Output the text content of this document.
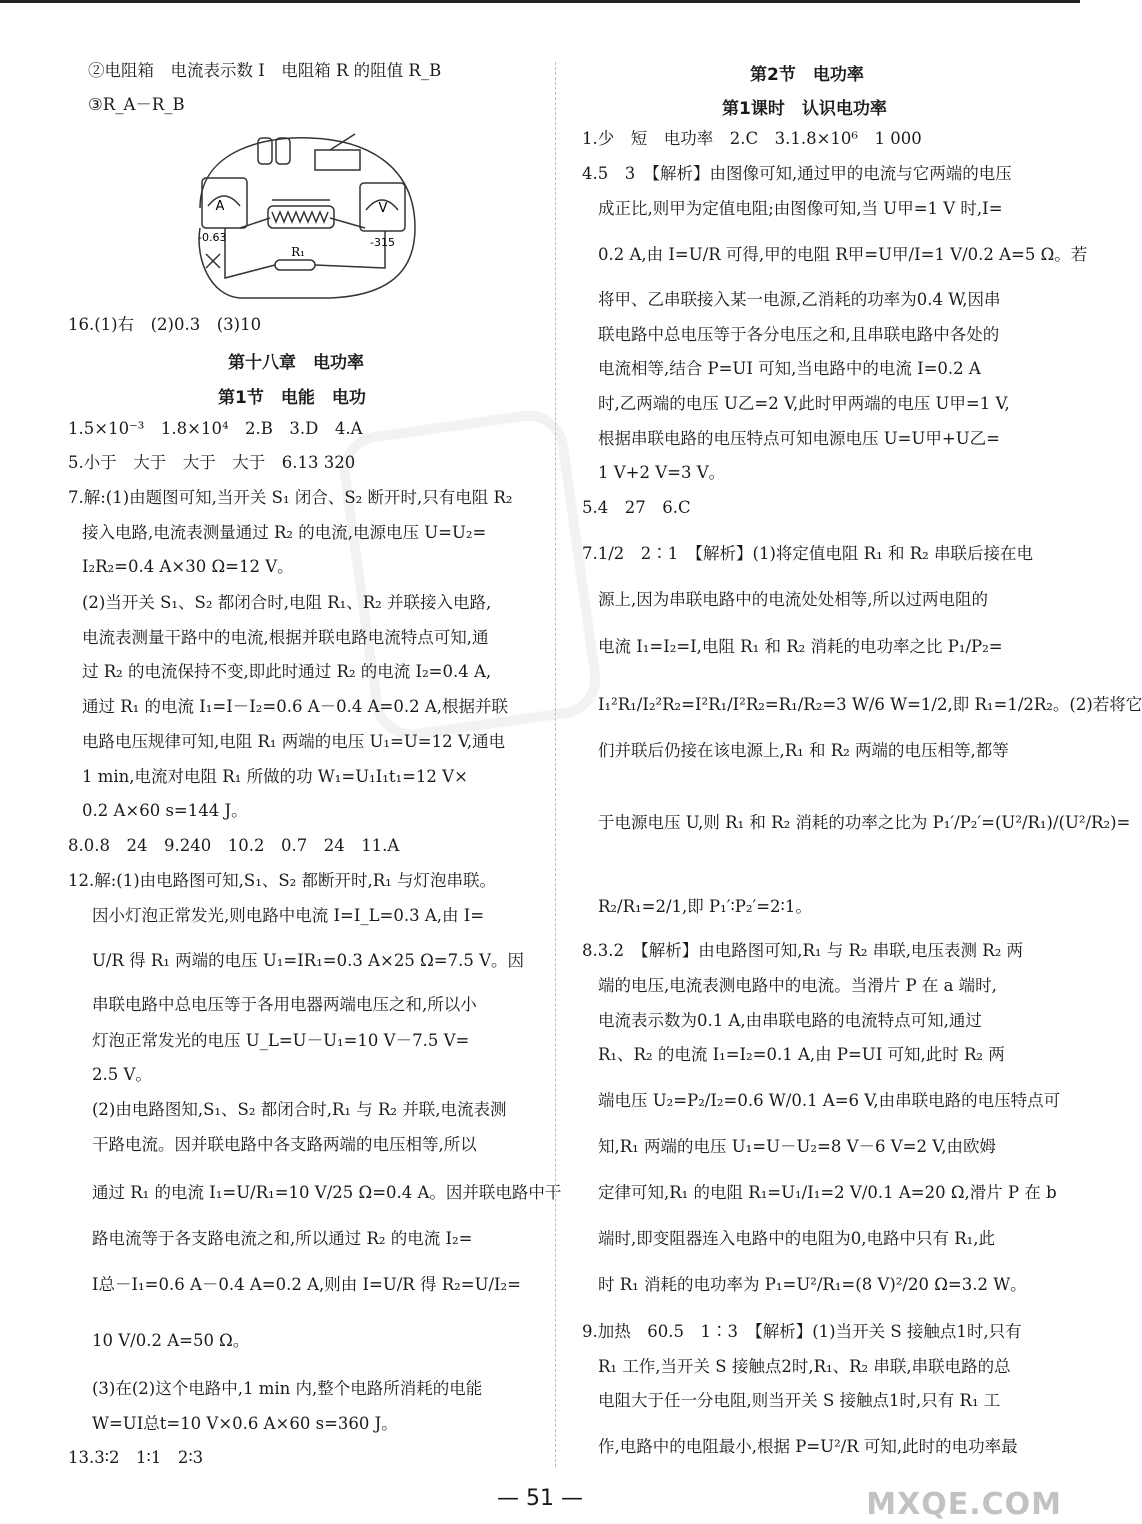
②电阻箱　电流表示数 I　电阻箱 R 的阻值 R_B
③R_A－R_B
A	V
R₁
-0.63	-315
16.(1)右　(2)0.3　(3)10
第十八章　电功率
第1节　电能　电功
1.5×10⁻³　1.8×10⁴　2.B　3.D　4.A
5.小于　大于　大于　大于　6.13 320
7.解:(1)由题图可知,当开关 S₁ 闭合、S₂ 断开时,只有电阻 R₂
接入电路,电流表测量通过 R₂ 的电流,电源电压 U=U₂=
I₂R₂=0.4 A×30 Ω=12 V。
(2)当开关 S₁、S₂ 都闭合时,电阻 R₁、R₂ 并联接入电路,
电流表测量干路中的电流,根据并联电路电流特点可知,通
过 R₂ 的电流保持不变,即此时通过 R₂ 的电流 I₂=0.4 A,
通过 R₁ 的电流 I₁=I－I₂=0.6 A－0.4 A=0.2 A,根据并联
电路电压规律可知,电阻 R₁ 两端的电压 U₁=U=12 V,通电
1 min,电流对电阻 R₁ 所做的功 W₁=U₁I₁t₁=12 V×
0.2 A×60 s=144 J。
8.0.8　24　9.240　10.2　0.7　24　11.A
12.解:(1)由电路图可知,S₁、S₂ 都断开时,R₁ 与灯泡串联。
因小灯泡正常发光,则电路中电流 I=I_L=0.3 A,由 I=
U/R 得 R₁ 两端的电压 U₁=IR₁=0.3 A×25 Ω=7.5 V。因
串联电路中总电压等于各用电器两端电压之和,所以小
灯泡正常发光的电压 U_L=U－U₁=10 V－7.5 V=
2.5 V。
(2)由电路图知,S₁、S₂ 都闭合时,R₁ 与 R₂ 并联,电流表测
干路电流。因并联电路中各支路两端的电压相等,所以
通过 R₁ 的电流 I₁=U/R₁=10 V/25 Ω=0.4 A。因并联电路中干
路电流等于各支路电流之和,所以通过 R₂ 的电流 I₂=
I总－I₁=0.6 A－0.4 A=0.2 A,则由 I=U/R 得 R₂=U/I₂=
10 V/0.2 A=50 Ω。
(3)在(2)这个电路中,1 min 内,整个电路所消耗的电能
W=UI总t=10 V×0.6 A×60 s=360 J。
13.3∶2　1∶1　2∶3
第2节　电功率
第1课时　认识电功率
1.少　短　电功率　2.C　3.1.8×10⁶　1 000
4.5　3　【解析】由图像可知,通过甲的电流与它两端的电压
成正比,则甲为定值电阻;由图像可知,当 U甲=1 V 时,I=
0.2 A,由 I=U/R 可得,甲的电阻 R甲=U甲/I=1 V/0.2 A=5 Ω。若
将甲、乙串联接入某一电源,乙消耗的功率为0.4 W,因串
联电路中总电压等于各分电压之和,且串联电路中各处的
电流相等,结合 P=UI 可知,当电路中的电流 I=0.2 A
时,乙两端的电压 U乙=2 V,此时甲两端的电压 U甲=1 V,
根据串联电路的电压特点可知电源电压 U=U甲+U乙=
1 V+2 V=3 V。
5.4　27　6.C
7.1/2　2∶1　【解析】(1)将定值电阻 R₁ 和 R₂ 串联后接在电
源上,因为串联电路中的电流处处相等,所以过两电阻的
电流 I₁=I₂=I,电阻 R₁ 和 R₂ 消耗的电功率之比 P₁/P₂=
I₁²R₁/I₂²R₂=I²R₁/I²R₂=R₁/R₂=3 W/6 W=1/2,即 R₁=1/2R₂。(2)若将它
们并联后仍接在该电源上,R₁ 和 R₂ 两端的电压相等,都等
于电源电压 U,则 R₁ 和 R₂ 消耗的功率之比为 P₁′/P₂′=(U²/R₁)/(U²/R₂)=
R₂/R₁=2/1,即 P₁′∶P₂′=2∶1。
8.3.2　【解析】由电路图可知,R₁ 与 R₂ 串联,电压表测 R₂ 两
端的电压,电流表测电路中的电流。当滑片 P 在 a 端时,
电流表示数为0.1 A,由串联电路的电流特点可知,通过
R₁、R₂ 的电流 I₁=I₂=0.1 A,由 P=UI 可知,此时 R₂ 两
端电压 U₂=P₂/I₂=0.6 W/0.1 A=6 V,由串联电路的电压特点可
知,R₁ 两端的电压 U₁=U－U₂=8 V－6 V=2 V,由欧姆
定律可知,R₁ 的电阻 R₁=U₁/I₁=2 V/0.1 A=20 Ω,滑片 P 在 b
端时,即变阻器连入电路中的电阻为0,电路中只有 R₁,此
时 R₁ 消耗的电功率为 P₁=U²/R₁=(8 V)²/20 Ω=3.2 W。
9.加热　60.5　1∶3　【解析】(1)当开关 S 接触点1时,只有
R₁ 工作,当开关 S 接触点2时,R₁、R₂ 串联,串联电路的总
电阻大于任一分电阻,则当开关 S 接触点1时,只有 R₁ 工
作,电路中的电阻最小,根据 P=U²/R 可知,此时的电功率最
— 51 —	MXQE.COM
